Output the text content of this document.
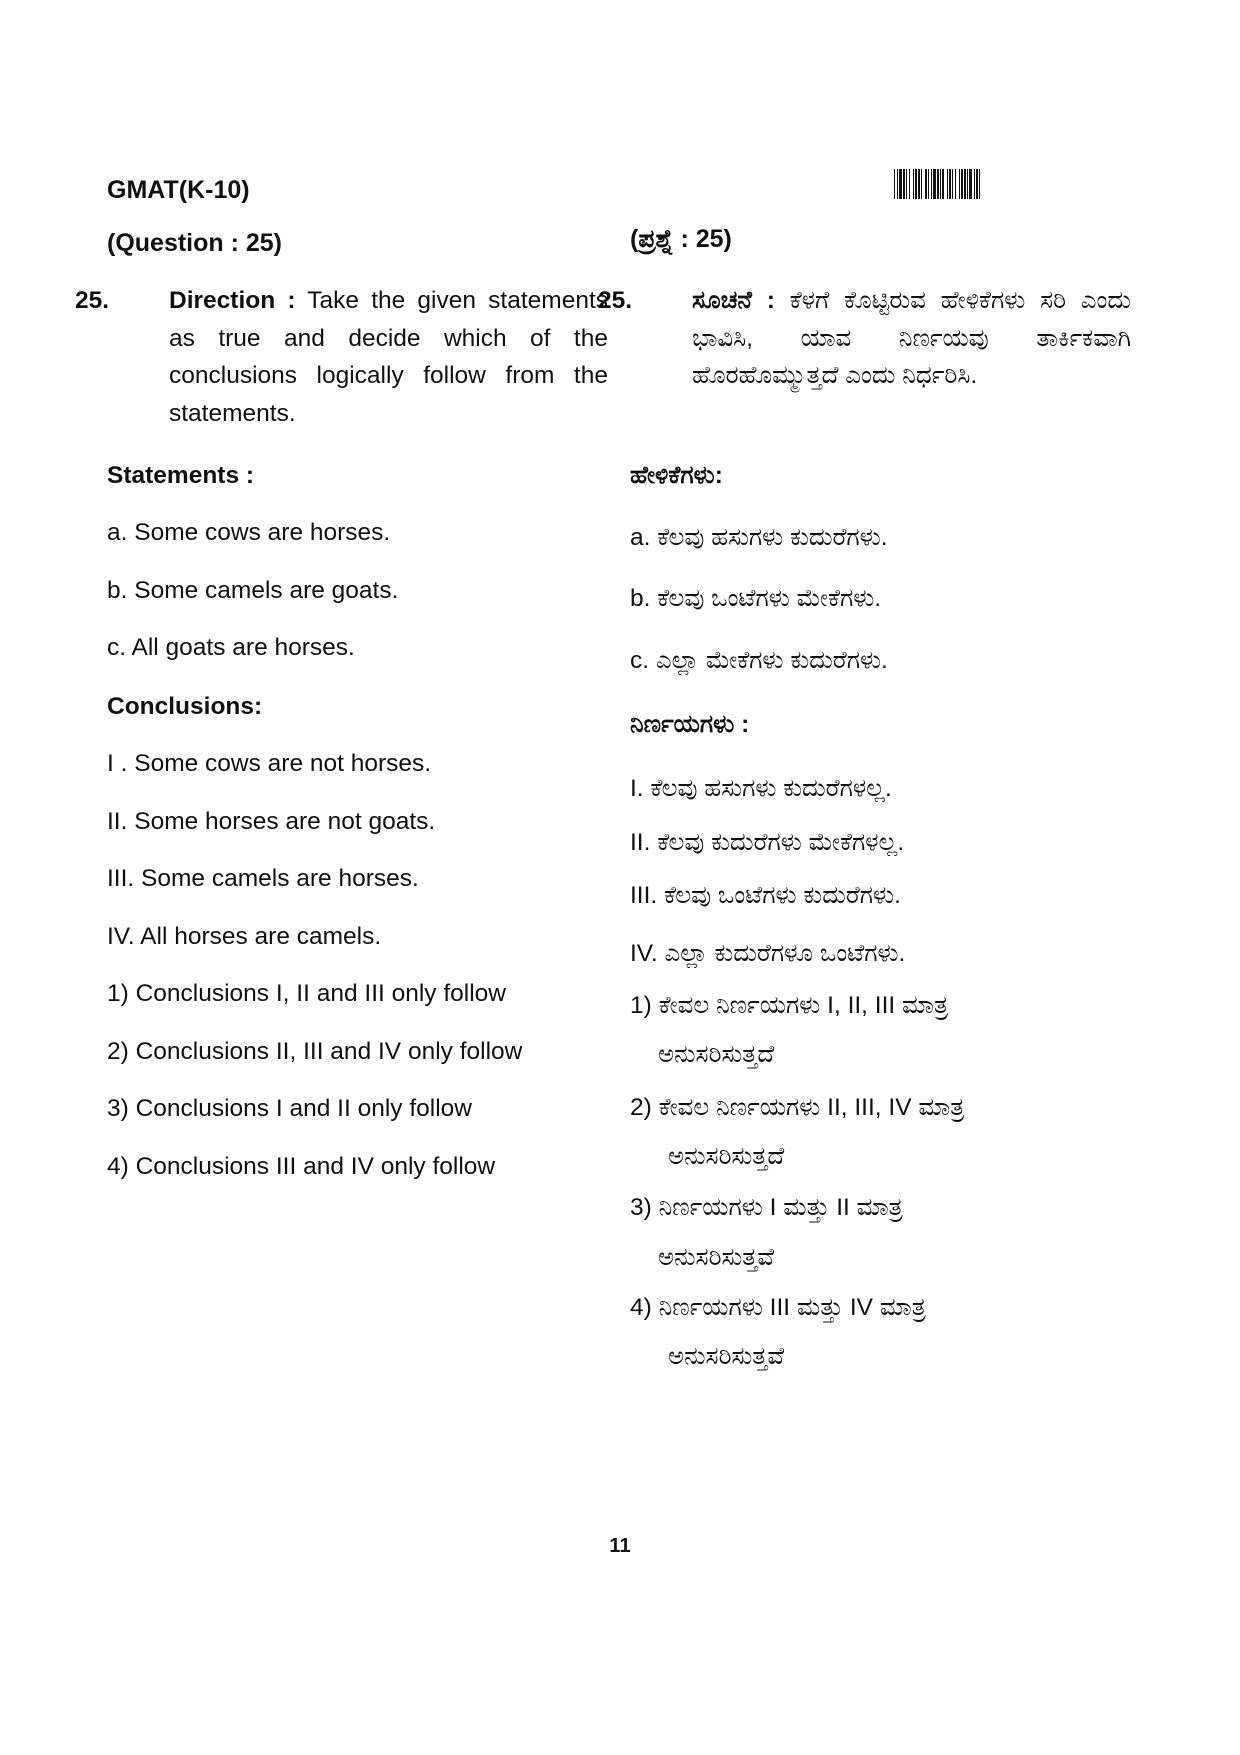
GMAT(K-10)
(Question : 25)
25. Direction : Take the given statements as true and decide which of the conclusions logically follow from the statements.
Statements :
a. Some cows are horses.
b. Some camels are goats.
c. All goats are horses.
Conclusions:
I . Some cows are not horses.
II. Some horses are not goats.
III. Some camels are horses.
IV. All horses are camels.
1) Conclusions I, II and III only follow
2) Conclusions II, III and IV only follow
3) Conclusions I and II only follow
4) Conclusions III and IV only follow
(ಪ್ರಶ್ನೆ : 25)
25. ಸೂಚನೆ : ಕೆಳಗೆ ಕೊಟ್ಟಿರುವ ಹೇಳಿಕೆಗಳು ಸರಿ ಎಂದು ಭಾವಿಸಿ, ಯಾವ ನಿರ್ಣಯವು ತಾರ್ಕಿಕವಾಗಿ ಹೊರಹೊಮ್ಮುತ್ತದೆ ಎಂದು ನಿರ್ಧರಿಸಿ.
ಹೇಳಿಕೆಗಳು:
a. ಕೆಲವು ಹಸುಗಳು ಕುದುರೆಗಳು.
b. ಕೆಲವು ಒಂಟೆಗಳು ಮೇಕೆಗಳು.
c. ಎಲ್ಲಾ ಮೇಕೆಗಳು ಕುದುರೆಗಳು.
ನಿರ್ಣಯಗಳು :
I. ಕೆಲವು ಹಸುಗಳು ಕುದುರೆಗಳಲ್ಲ.
II. ಕೆಲವು ಕುದುರೆಗಳು ಮೇಕೆಗಳಲ್ಲ.
III. ಕೆಲವು ಒಂಟೆಗಳು ಕುದುರೆಗಳು.
IV. ಎಲ್ಲಾ ಕುದುರೆಗಳೂ ಒಂಟೆಗಳು.
1) ಕೇವಲ ನಿರ್ಣಯಗಳು I, II, III ಮಾತ್ರ
ಅನುಸರಿಸುತ್ತದೆ
2) ಕೇವಲ ನಿರ್ಣಯಗಳು II, III, IV ಮಾತ್ರ
ಅನುಸರಿಸುತ್ತದೆ
3) ನಿರ್ಣಯಗಳು I ಮತ್ತು II ಮಾತ್ರ
ಅನುಸರಿಸುತ್ತವೆ
4) ನಿರ್ಣಯಗಳು III ಮತ್ತು IV ಮಾತ್ರ
ಅನುಸರಿಸುತ್ತವೆ
11
